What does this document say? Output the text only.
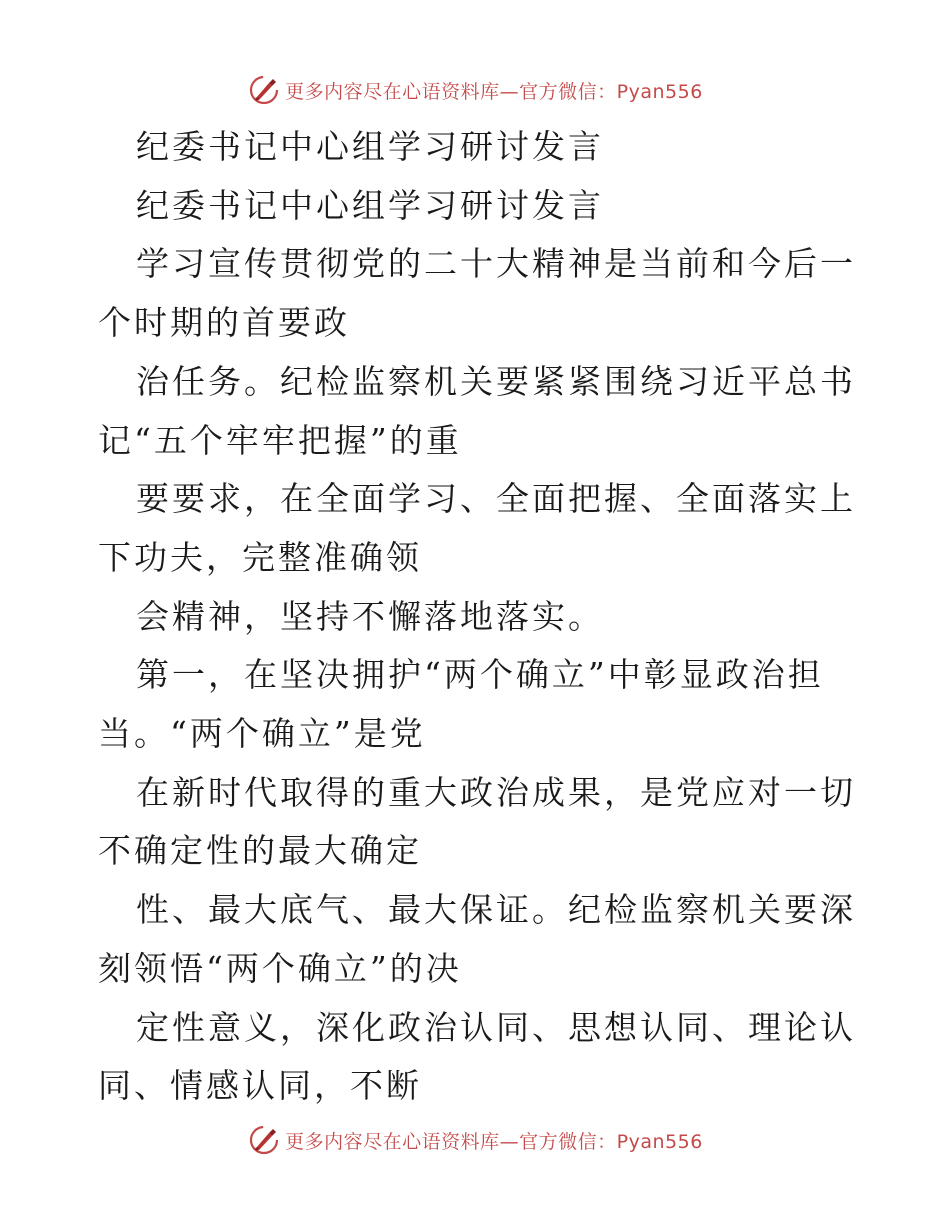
更多内容尽在心语资料库—官方微信：Pyan556

纪委书记中心组学习研讨发言

纪委书记中心组学习研讨发言

学习宣传贯彻党的二十大精神是当前和今后一个时期的首要政

治任务。纪检监察机关要紧紧围绕习近平总书记“五个牢牢把握”的重

要要求，在全面学习、全面把握、全面落实上下功夫，完整准确领

会精神，坚持不懈落地落实。

第一，在坚决拥护“两个确立”中彰显政治担当。“两个确立”是党

在新时代取得的重大政治成果，是党应对一切不确定性的最大确定

性、最大底气、最大保证。纪检监察机关要深刻领悟“两个确立”的决

定性意义，深化政治认同、思想认同、理论认同、情感认同，不断

更多内容尽在心语资料库—官方微信：Pyan556
